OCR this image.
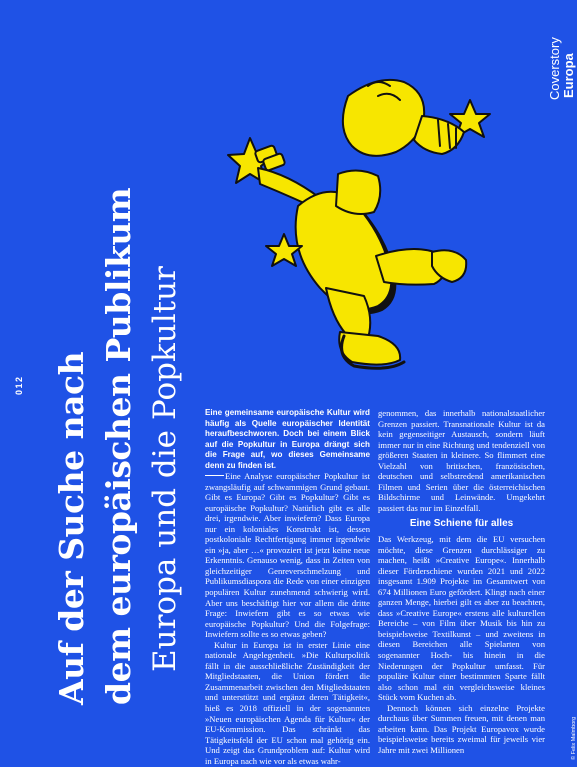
Auf der Suche nach dem europäischen Publikum Europa und die Popkultur
012
Coverstory Europa
© Felix Malmborg

Eine gemeinsame europäische Kultur wird häufig als Quelle europäischer Identität heraufbeschworen. Doch bei einem Blick auf die Popkultur in Europa drängt sich die Frage auf, wo dieses Gemeinsame denn zu finden ist.

Eine Analyse europäischer Popkultur ist zwangsläufig auf schwammigen Grund gebaut. Gibt es Europa? Gibt es Popkultur? Gibt es europäische Popkultur? Natürlich gibt es alle drei, irgendwie. Aber inwiefern? Dass Europa nur ein koloniales Konstrukt ist, dessen postkoloniale Rechtfertigung immer irgendwie ein »ja, aber …« provoziert ist jetzt keine neue Erkenntnis. Genauso wenig, dass in Zeiten von gleichzeitiger Genreverschmelzung und Publikumsdiaspora die Rede von einer einzigen populären Kultur zunehmend schwierig wird. Aber uns beschäftigt hier vor allem die dritte Frage: Inwiefern gibt es so etwas wie europäische Popkultur? Und die Folgefrage: Inwiefern sollte es so etwas geben?

Kultur in Europa ist in erster Linie eine nationale Angelegenheit. »Die Kulturpolitik fällt in die ausschließliche Zuständigkeit der Mitgliedstaaten, die Union fördert die Zusammenarbeit zwischen den Mitgliedstaaten und unterstützt und ergänzt deren Tätigkeit«, hieß es 2018 offiziell in der sogenannten »Neuen europäischen Agenda für Kultur« der EU-Kommission. Das schränkt das Tätigkeitsfeld der EU schon mal gehörig ein. Und zeigt das Grundproblem auf: Kultur wird in Europa nach wie vor als etwas wahr-

genommen, das innerhalb nationalstaatlicher Grenzen passiert. Transnationale Kultur ist da kein gegenseitiger Austausch, sondern läuft immer nur in eine Richtung und tendenziell von größeren Staaten in kleinere. So flimmert eine Vielzahl von britischen, französischen, deutschen und selbstredend amerikanischen Filmen und Serien über die österreichischen Bildschirme und Leinwände. Umgekehrt passiert das nur im Einzelfall.

Eine Schiene für alles

Das Werkzeug, mit dem die EU versuchen möchte, diese Grenzen durchlässiger zu machen, heißt »Creative Europe«. Innerhalb dieser Förderschiene wurden 2021 und 2022 insgesamt 1.909 Projekte im Gesamtwert von 674 Millionen Euro gefördert. Klingt nach einer ganzen Menge, hierbei gilt es aber zu beachten, dass »Creative Europe« erstens alle kulturellen Bereiche – von Film über Musik bis hin zu beispielsweise Textilkunst – und zweitens in diesen Bereichen alle Spielarten von sogenannter Hoch- bis hinein in die Niederungen der Popkultur umfasst. Für populäre Kultur einer bestimmten Sparte fällt also schon mal ein vergleichsweise kleines Stück vom Kuchen ab.

Dennoch können sich einzelne Projekte durchaus über Summen freuen, mit denen man arbeiten kann. Das Projekt Europavox wurde beispielsweise bereits zweimal für jeweils vier Jahre mit zwei Millionen
